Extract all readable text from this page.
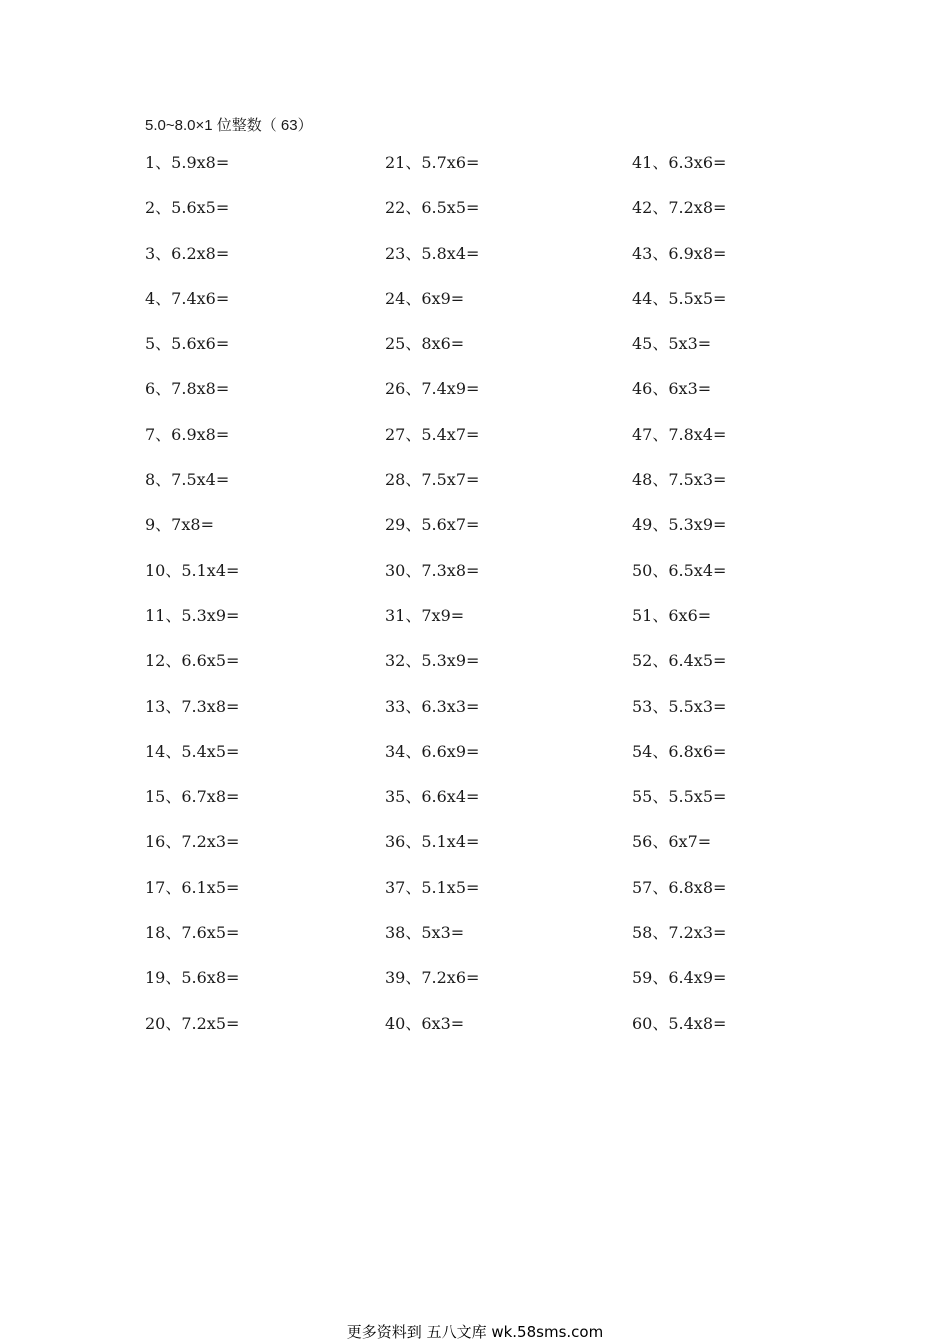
5.0~8.0×1 位整数（ 63）
1、5.9x8=
2、5.6x5=
3、6.2x8=
4、7.4x6=
5、5.6x6=
6、7.8x8=
7、6.9x8=
8、7.5x4=
9、7x8=
10、5.1x4=
11、5.3x9=
12、6.6x5=
13、7.3x8=
14、5.4x5=
15、6.7x8=
16、7.2x3=
17、6.1x5=
18、7.6x5=
19、5.6x8=
20、7.2x5=
21、5.7x6=
22、6.5x5=
23、5.8x4=
24、6x9=
25、8x6=
26、7.4x9=
27、5.4x7=
28、7.5x7=
29、5.6x7=
30、7.3x8=
31、7x9=
32、5.3x9=
33、6.3x3=
34、6.6x9=
35、6.6x4=
36、5.1x4=
37、5.1x5=
38、5x3=
39、7.2x6=
40、6x3=
41、6.3x6=
42、7.2x8=
43、6.9x8=
44、5.5x5=
45、5x3=
46、6x3=
47、7.8x4=
48、7.5x3=
49、5.3x9=
50、6.5x4=
51、6x6=
52、6.4x5=
53、5.5x3=
54、6.8x6=
55、5.5x5=
56、6x7=
57、6.8x8=
58、7.2x3=
59、6.4x9=
60、5.4x8=
更多资料到 五八文库 wk.58sms.com
